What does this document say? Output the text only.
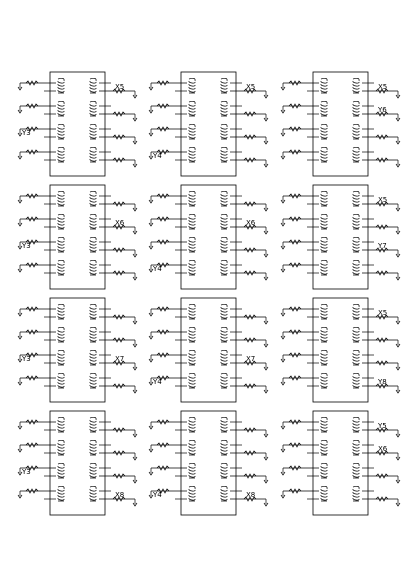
X5
Y3
X5
Y4
X5
Y6
X6
Y3
X6
Y4
X5
Y7
X7
Y3	X7
Y4
X5
Y8
X8
Y3
X8
Y4
Y5
X6
